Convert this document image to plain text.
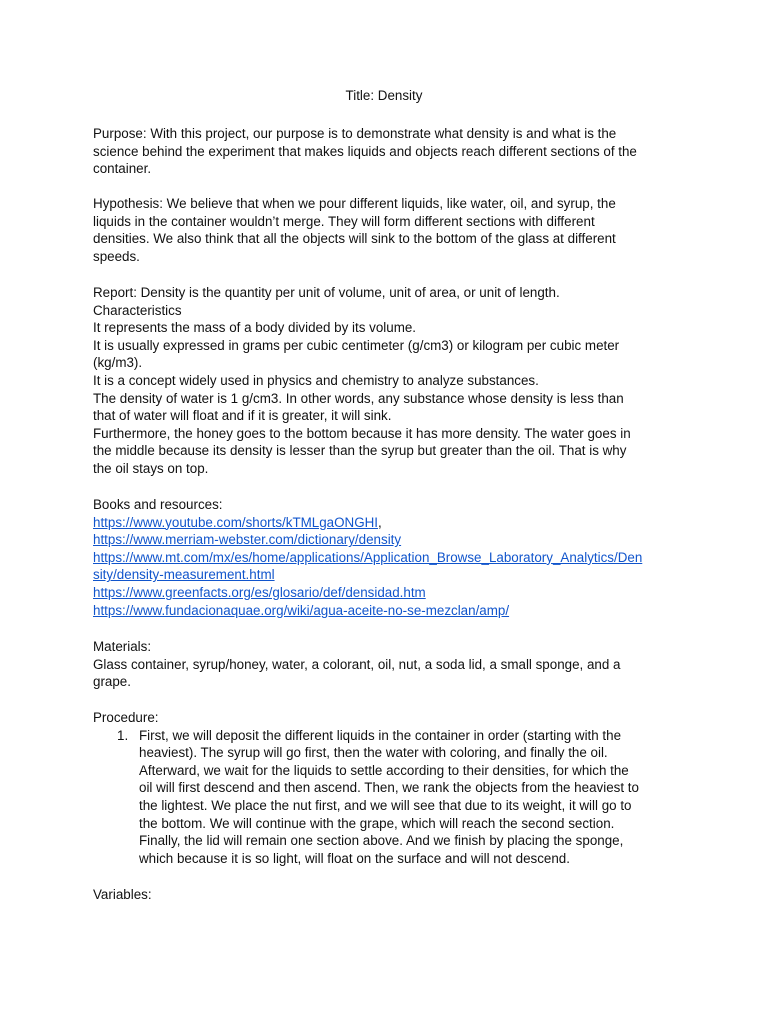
Title: Density
Purpose: With this project, our purpose is to demonstrate what density is and what is the
science behind the experiment that makes liquids and objects reach different sections of the
container.
Hypothesis: We believe that when we pour different liquids, like water, oil, and syrup, the
liquids in the container wouldn’t merge. They will form different sections with different
densities. We also think that all the objects will sink to the bottom of the glass at different
speeds.
Report: Density is the quantity per unit of volume, unit of area, or unit of length.
Characteristics
It represents the mass of a body divided by its volume.
It is usually expressed in grams per cubic centimeter (g/cm3) or kilogram per cubic meter
(kg/m3).
It is a concept widely used in physics and chemistry to analyze substances.
The density of water is 1 g/cm3. In other words, any substance whose density is less than
that of water will float and if it is greater, it will sink.
Furthermore, the honey goes to the bottom because it has more density. The water goes in
the middle because its density is lesser than the syrup but greater than the oil. That is why
the oil stays on top.
Books and resources:
https://www.youtube.com/shorts/kTMLgaONGHI,
https://www.merriam-webster.com/dictionary/density
https://www.mt.com/mx/es/home/applications/Application_Browse_Laboratory_Analytics/Den
sity/density-measurement.html
https://www.greenfacts.org/es/glosario/def/densidad.htm
https://www.fundacionaquae.org/wiki/agua-aceite-no-se-mezclan/amp/
Materials:
Glass container, syrup/honey, water, a colorant, oil, nut, a soda lid, a small sponge, and a
grape.
Procedure:
1. First, we will deposit the different liquids in the container in order (starting with the
heaviest). The syrup will go first, then the water with coloring, and finally the oil.
Afterward, we wait for the liquids to settle according to their densities, for which the
oil will first descend and then ascend. Then, we rank the objects from the heaviest to
the lightest. We place the nut first, and we will see that due to its weight, it will go to
the bottom. We will continue with the grape, which will reach the second section.
Finally, the lid will remain one section above. And we finish by placing the sponge,
which because it is so light, will float on the surface and will not descend.
Variables:
